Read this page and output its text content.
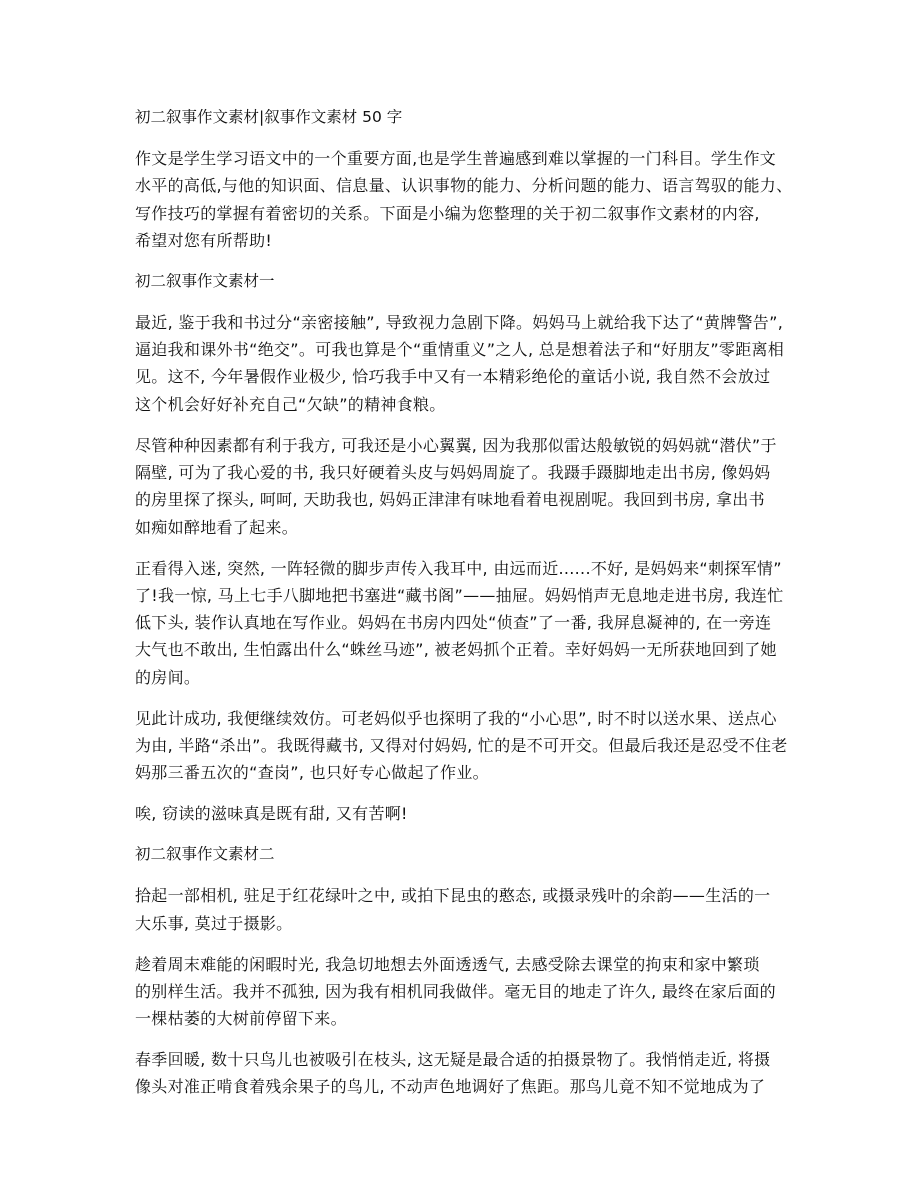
初二叙事作文素材|叙事作文素材 50 字
作文是学生学习语文中的一个重要方面,也是学生普遍感到难以掌握的一门科目。学生作文
水平的高低,与他的知识面、信息量、认识事物的能力、分析问题的能力、语言驾驭的能力、
写作技巧的掌握有着密切的关系。下面是小编为您整理的关于初二叙事作文素材的内容,
希望对您有所帮助!
初二叙事作文素材一
最近, 鉴于我和书过分“亲密接触”, 导致视力急剧下降。妈妈马上就给我下达了“黄牌警告”,
逼迫我和课外书“绝交”。可我也算是个“重情重义”之人, 总是想着法子和“好朋友”零距离相
见。这不, 今年暑假作业极少, 恰巧我手中又有一本精彩绝伦的童话小说, 我自然不会放过
这个机会好好补充自己“欠缺”的精神食粮。
尽管种种因素都有利于我方, 可我还是小心翼翼, 因为我那似雷达般敏锐的妈妈就“潜伏”于
隔壁, 可为了我心爱的书, 我只好硬着头皮与妈妈周旋了。我蹑手蹑脚地走出书房, 像妈妈
的房里探了探头, 呵呵, 天助我也, 妈妈正津津有味地看着电视剧呢。我回到书房, 拿出书
如痴如醉地看了起来。
正看得入迷, 突然, 一阵轻微的脚步声传入我耳中, 由远而近......不好, 是妈妈来“刺探军情”
了!我一惊, 马上七手八脚地把书塞进“藏书阁”——抽屉。妈妈悄声无息地走进书房, 我连忙
低下头, 装作认真地在写作业。妈妈在书房内四处“侦查”了一番, 我屏息凝神的, 在一旁连
大气也不敢出, 生怕露出什么“蛛丝马迹”, 被老妈抓个正着。幸好妈妈一无所获地回到了她
的房间。
见此计成功, 我便继续效仿。可老妈似乎也探明了我的“小心思”, 时不时以送水果、送点心
为由, 半路“杀出”。我既得藏书, 又得对付妈妈, 忙的是不可开交。但最后我还是忍受不住老
妈那三番五次的“查岗”, 也只好专心做起了作业。
唉, 窃读的滋味真是既有甜, 又有苦啊!
初二叙事作文素材二
拾起一部相机, 驻足于红花绿叶之中, 或拍下昆虫的憨态, 或摄录残叶的余韵——生活的一
大乐事, 莫过于摄影。
趁着周末难能的闲暇时光, 我急切地想去外面透透气, 去感受除去课堂的拘束和家中繁琐
的别样生活。我并不孤独, 因为我有相机同我做伴。毫无目的地走了许久, 最终在家后面的
一棵枯萎的大树前停留下来。
春季回暖, 数十只鸟儿也被吸引在枝头, 这无疑是最合适的拍摄景物了。我悄悄走近, 将摄
像头对准正啃食着残余果子的鸟儿, 不动声色地调好了焦距。那鸟儿竟不知不觉地成为了
